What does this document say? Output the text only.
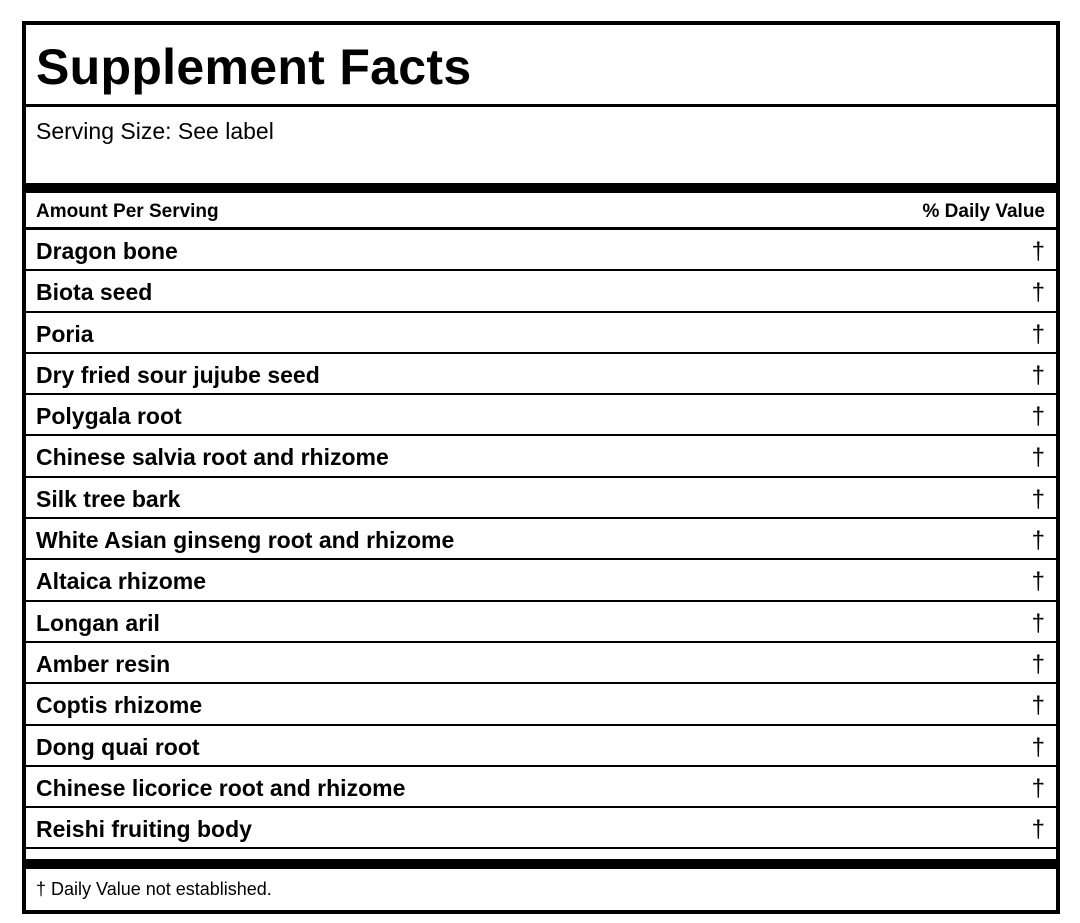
Supplement Facts
Serving Size: See label
Amount Per Serving	% Daily Value
Dragon bone	†
Biota seed	†
Poria	†
Dry fried sour jujube seed	†
Polygala root	†
Chinese salvia root and rhizome	†
Silk tree bark	†
White Asian ginseng root and rhizome	†
Altaica rhizome	†
Longan aril	†
Amber resin	†
Coptis rhizome	†
Dong quai root	†
Chinese licorice root and rhizome	†
Reishi fruiting body	†
† Daily Value not established.
